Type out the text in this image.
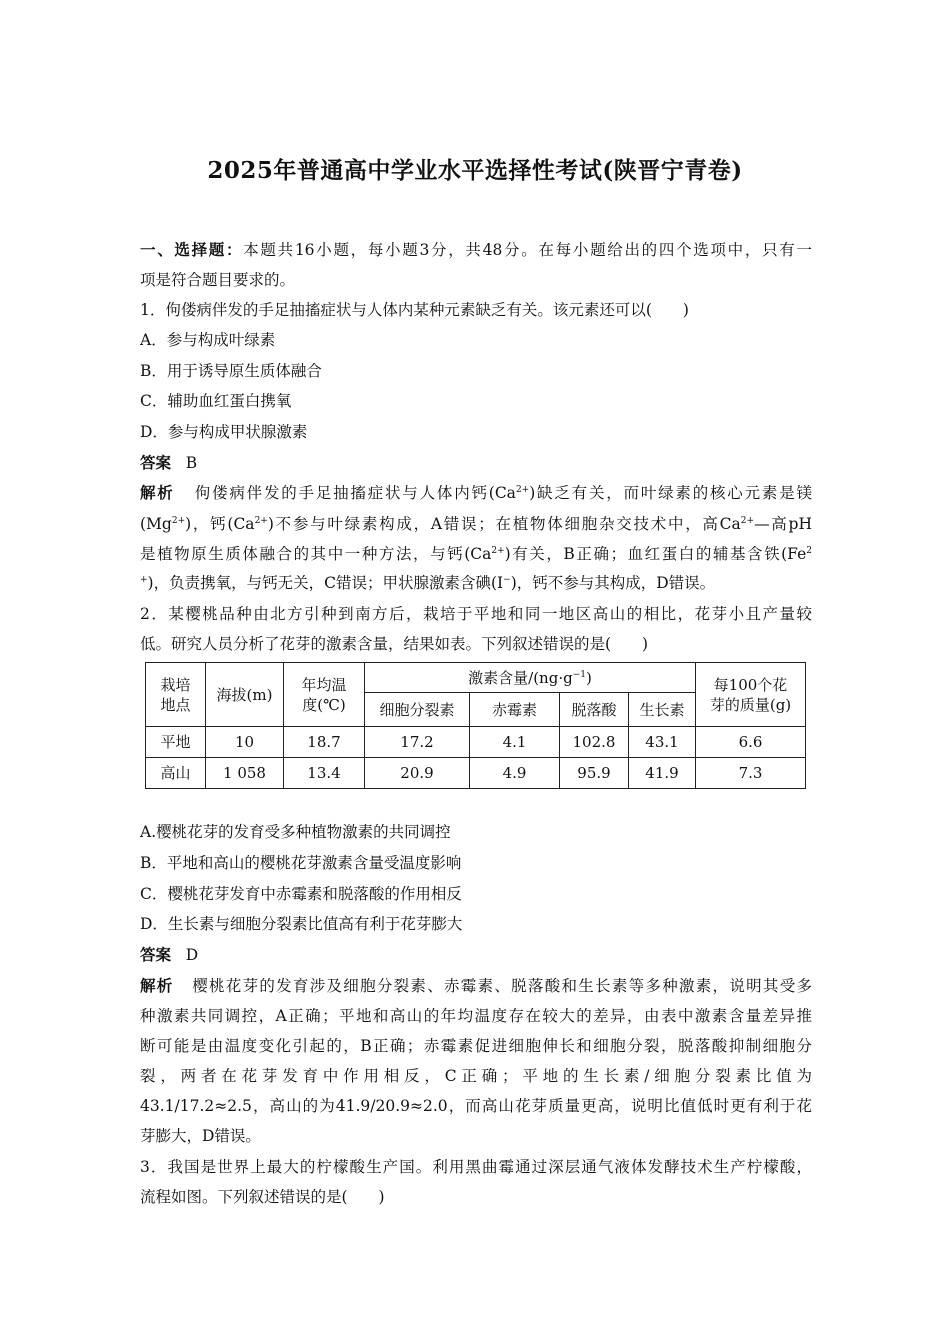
2025年普通高中学业水平选择性考试(陕晋宁青卷)
一、选择题：本题共16小题，每小题3分，共48分。在每小题给出的四个选项中，只有一
项是符合题目要求的。
1．佝偻病伴发的手足抽搐症状与人体内某种元素缺乏有关。该元素还可以(　　)
A．参与构成叶绿素
B．用于诱导原生质体融合
C．辅助血红蛋白携氧
D．参与构成甲状腺激素
答案 B
解析 佝偻病伴发的手足抽搐症状与人体内钙$(Ca^{2+})$缺乏有关，而叶绿素的核心元素是镁
$(Mg^{2+})$，钙$(Ca^{2+})$不参与叶绿素构成，A错误；在植物体细胞杂交技术中，高$Ca^{2+}—$高pH
是植物原生质体融合的其中一种方法，与钙$(Ca^{2+})$有关，B正确；血红蛋白的辅基含铁(Fe$^2$
+)，负责携氧，与钙无关，C错误；甲状腺激素含碘(I−)，钙不参与其构成，D错误。
2．某樱桃品种由北方引种到南方后，栽培于平地和同一地区高山的相比，花芽小且产量较
低。研究人员分析了花芽的激素含量，结果如表。下列叙述错误的是(　　)
栽培
地点	海拔(m)	年均温
度(℃)	激素含量$/(ng\cdot g^{-1})$				每100个花
芽的质量(g)

			细胞分裂素	赤霉素	脱落酸	生长素	
平地	10	18.7	17.2	4.1	102.8	43.1	6.6
高山	1 058	13.4	20.9	4.9	95.9	41.9	7.3
A.樱桃花芽的发育受多种植物激素的共同调控
B．平地和高山的樱桃花芽激素含量受温度影响
C．樱桃花芽发育中赤霉素和脱落酸的作用相反
D．生长素与细胞分裂素比值高有利于花芽膨大
答案 D
解析 樱桃花芽的发育涉及细胞分裂素、赤霉素、脱落酸和生长素等多种激素，说明其受多
种激素共同调控，A正确；平地和高山的年均温度存在较大的差异，由表中激素含量差异推
断可能是由温度变化引起的，B正确；赤霉素促进细胞伸长和细胞分裂，脱落酸抑制细胞分
裂，两者在花芽发育中作用相反，C正确；平地的生长素/细胞分裂素比值为
43.1/17.2≈2.5，高山的为41.9/20.9≈2.0，而高山花芽质量更高，说明比值低时更有利于花
芽膨大，D错误。
3．我国是世界上最大的柠檬酸生产国。利用黑曲霉通过深层通气液体发酵技术生产柠檬酸，
流程如图。下列叙述错误的是(　　)
